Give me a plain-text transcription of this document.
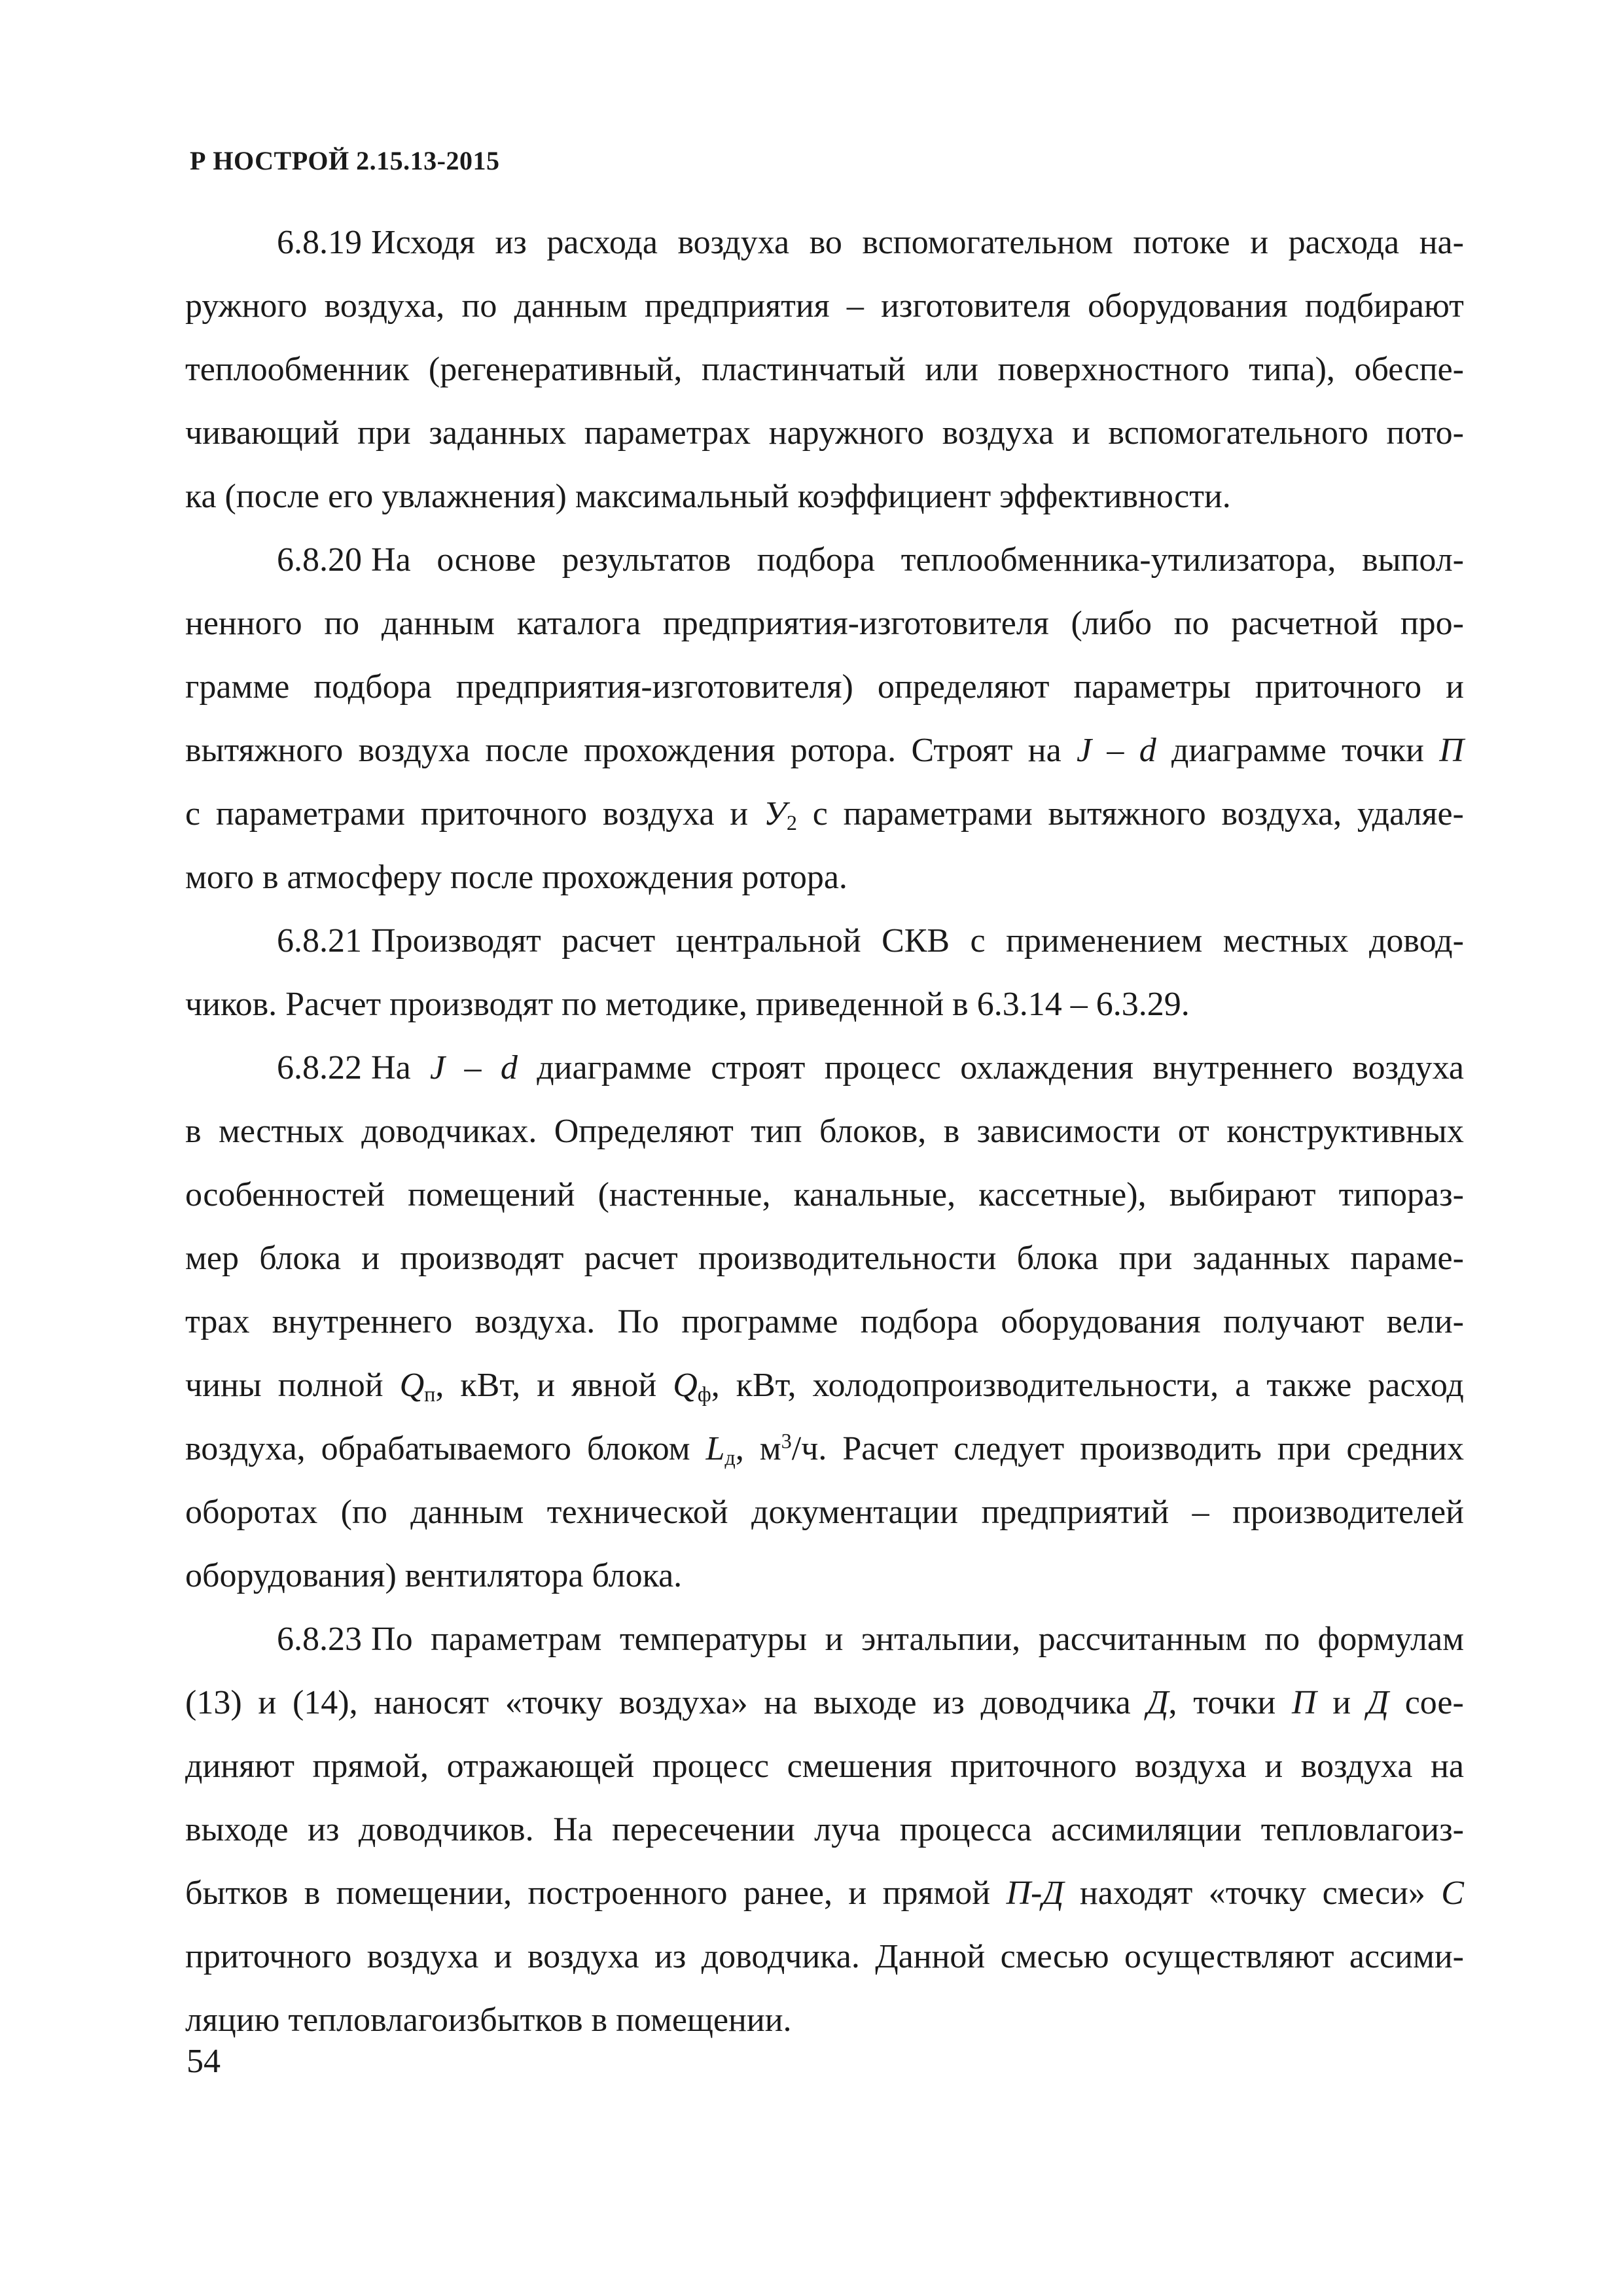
Р НОСТРОЙ 2.15.13-2015
6.8.19 Исходя из расхода воздуха во вспомогательном потоке и расхода на-
ружного воздуха, по данным предприятия – изготовителя оборудования подбирают
теплообменник (регенеративный, пластинчатый или поверхностного типа), обеспе-
чивающий при заданных параметрах наружного воздуха и вспомогательного пото-
ка (после его увлажнения) максимальный коэффициент эффективности.
6.8.20 На основе результатов подбора теплообменника-утилизатора, выпол-
ненного по данным каталога предприятия-изготовителя (либо по расчетной про-
грамме подбора предприятия-изготовителя) определяют параметры приточного и
вытяжного воздуха после прохождения ротора. Строят на J – d диаграмме точки П
с параметрами приточного воздуха и $У_2$ с параметрами вытяжного воздуха, удаляе-
мого в атмосферу после прохождения ротора.
6.8.21 Производят расчет центральной СКВ с применением местных довод-
чиков. Расчет производят по методике, приведенной в 6.3.14 – 6.3.29.
6.8.22 На J – d диаграмме строят процесс охлаждения внутреннего воздуха
в местных доводчиках. Определяют тип блоков, в зависимости от конструктивных
особенностей помещений (настенные, канальные, кассетные), выбирают типораз-
мер блока и производят расчет производительности блока при заданных параме-
трах внутреннего воздуха. По программе подбора оборудования получают вели-
чины полной $Q_п$, кВт, и явной $Q_ф$, кВт, холодопроизводительности, а также расход
воздуха, обрабатываемого блоком $L_д$, $м^3/ч$. Расчет следует производить при средних
оборотах (по данным технической документации предприятий – производителей
оборудования) вентилятора блока.
6.8.23 По параметрам температуры и энтальпии, рассчитанным по формулам
(13) и (14), наносят «точку воздуха» на выходе из доводчика Д, точки П и Д сое-
диняют прямой, отражающей процесс смешения приточного воздуха и воздуха на
выходе из доводчиков. На пересечении луча процесса ассимиляции тепловлагоиз-
бытков в помещении, построенного ранее, и прямой П-Д находят «точку смеси» С
приточного воздуха и воздуха из доводчика. Данной смесью осуществляют ассими-
ляцию тепловлагоизбытков в помещении.
54
